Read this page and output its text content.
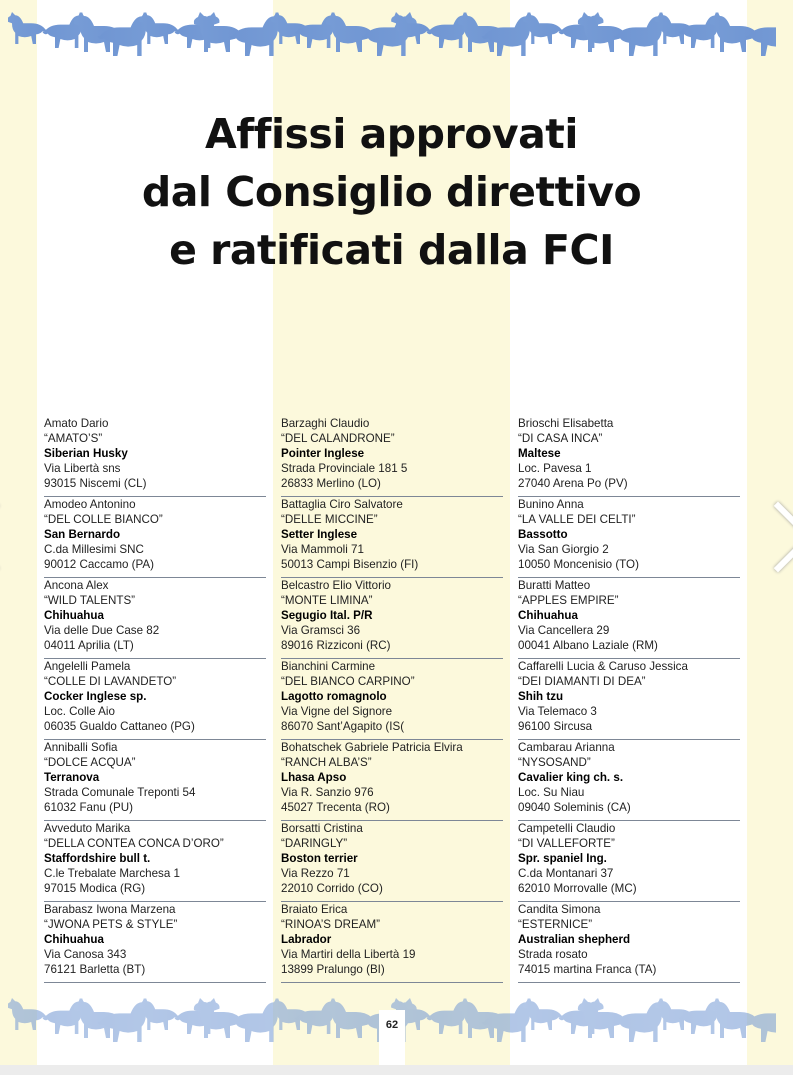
Affissi approvati
dal Consiglio direttivo
e ratificati dalla FCI
Amato Dario
“AMATO’S”
Siberian Husky
Via Libertà sns
93015 Niscemi (CL)
Amodeo Antonino
“DEL COLLE BIANCO”
San Bernardo
C.da Millesimi SNC
90012 Caccamo (PA)
Ancona Alex
“WILD TALENTS”
Chihuahua
Via delle Due Case 82
04011 Aprilia (LT)
Angelelli Pamela
“COLLE DI LAVANDETO”
Cocker Inglese sp.
Loc. Colle Aio
06035 Gualdo Cattaneo (PG)
Anniballi Sofia
“DOLCE ACQUA”
Terranova
Strada Comunale Treponti 54
61032 Fanu (PU)
Avveduto Marika
“DELLA CONTEA CONCA D’ORO”
Staffordshire bull t.
C.le Trebalate Marchesa 1
97015 Modica (RG)
Barabasz Iwona Marzena
“JWONA PETS & STYLE”
Chihuahua
Via Canosa 343
76121 Barletta (BT)
Barzaghi Claudio
“DEL CALANDRONE”
Pointer Inglese
Strada Provinciale 181 5
26833 Merlino (LO)
Battaglia Ciro Salvatore
“DELLE MICCINE”
Setter Inglese
Via Mammoli 71
50013 Campi Bisenzio (FI)
Belcastro Elio Vittorio
“MONTE LIMINA”
Segugio Ital. P/R
Via Gramsci 36
89016 Rizziconi (RC)
Bianchini Carmine
“DEL BIANCO CARPINO”
Lagotto romagnolo
Via Vigne del Signore
86070 Sant’Agapito (IS(
Bohatschek Gabriele Patricia Elvira
“RANCH ALBA’S”
Lhasa Apso
Via R. Sanzio 976
45027 Trecenta (RO)
Borsatti Cristina
“DARINGLY”
Boston terrier
Via Rezzo 71
22010 Corrido (CO)
Braiato Erica
“RINOA’S DREAM”
Labrador
Via Martiri della Libertà 19
13899 Pralungo (BI)
Brioschi Elisabetta
“DI CASA INCA”
Maltese
Loc. Pavesa 1
27040 Arena Po (PV)
Bunino Anna
“LA VALLE DEI CELTI”
Bassotto
Via San Giorgio 2
10050 Moncenisio (TO)
Buratti Matteo
“APPLES EMPIRE”
Chihuahua
Via Cancellera 29
00041 Albano Laziale (RM)
Caffarelli Lucia & Caruso Jessica
“DEI DIAMANTI DI DEA”
Shih tzu
Via Telemaco 3
96100 Sircusa
Cambarau Arianna
“NYSOSAND”
Cavalier king ch. s.
Loc. Su Niau
09040 Soleminis (CA)
Campetelli Claudio
“DI VALLEFORTE”
Spr. spaniel Ing.
C.da Montanari 37
62010 Morrovalle (MC)
Candita Simona
“ESTERNICE”
Australian shepherd
Strada rosato
74015 martina Franca (TA)
62
